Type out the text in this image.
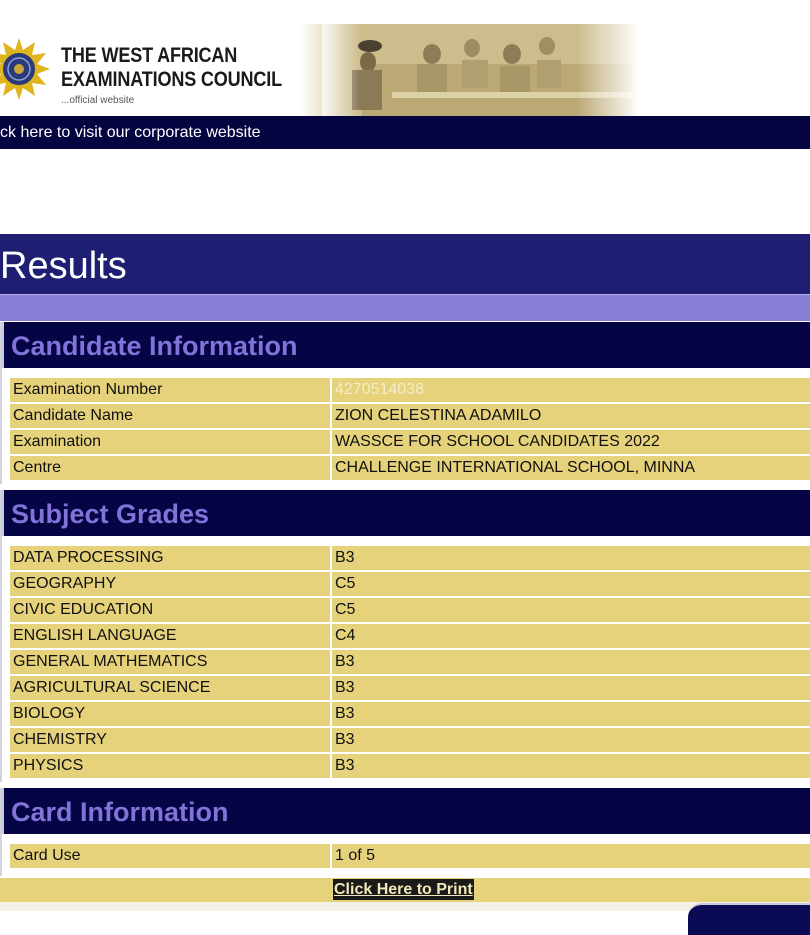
THE WEST AFRICAN
EXAMINATIONS COUNCIL
...official website
ck here to visit our corporate website
Results
Candidate Information
Examination Number	4270514038
Candidate Name	ZION CELESTINA ADAMILO
Examination	WASSCE FOR SCHOOL CANDIDATES 2022
Centre	CHALLENGE INTERNATIONAL SCHOOL, MINNA
Subject Grades
DATA PROCESSING	B3
GEOGRAPHY	C5
CIVIC EDUCATION	C5
ENGLISH LANGUAGE	C4
GENERAL MATHEMATICS	B3
AGRICULTURAL SCIENCE	B3
BIOLOGY	B3
CHEMISTRY	B3
PHYSICS	B3
Card Information
Card Use	1 of 5
Click Here to Print
